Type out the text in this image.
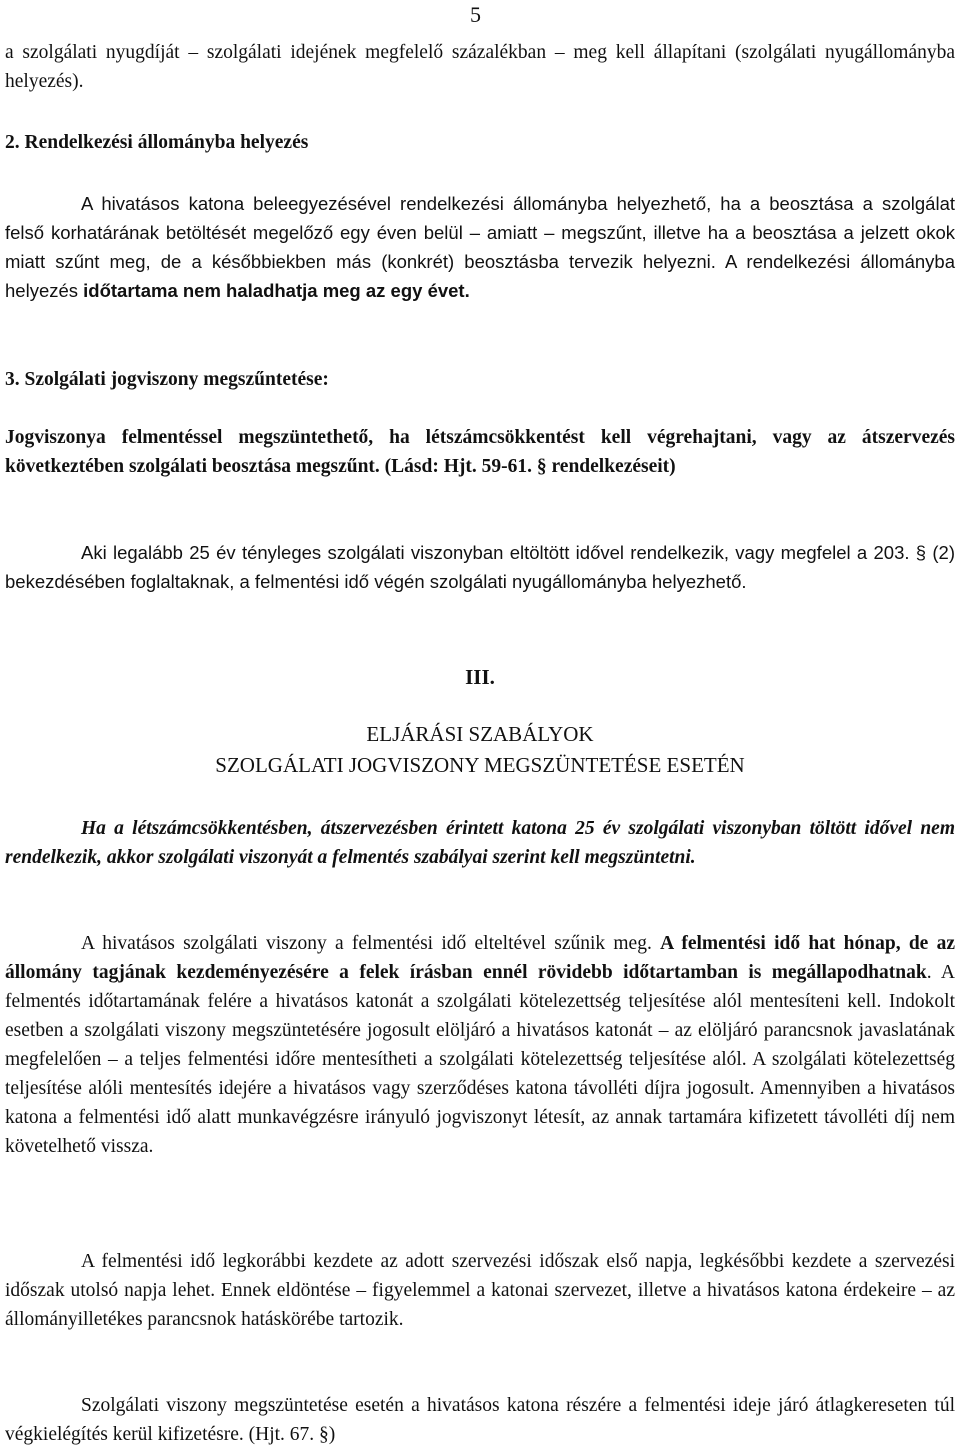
5

a szolgálati nyugdíját – szolgálati idejének megfelelő százalékban – meg kell állapítani (szolgálati nyugállományba helyezés).

2. Rendelkezési állományba helyezés

A hivatásos katona beleegyezésével rendelkezési állományba helyezhető, ha a beosztása a szolgálat felső korhatárának betöltését megelőző egy éven belül – amiatt – megszűnt, illetve ha a beosztása a jelzett okok miatt szűnt meg, de a későbbiekben más (konkrét) beosztásba tervezik helyezni. A rendelkezési állományba helyezés időtartama nem haladhatja meg az egy évet.

3. Szolgálati jogviszony megszűntetése:

Jogviszonya felmentéssel megszüntethető, ha létszámcsökkentést kell végrehajtani, vagy az átszervezés következtében szolgálati beosztása megszűnt. (Lásd: Hjt. 59-61. § rendelkezéseit)

Aki legalább 25 év tényleges szolgálati viszonyban eltöltött idővel rendelkezik, vagy megfelel a 203. § (2) bekezdésében foglaltaknak, a felmentési idő végén szolgálati nyugállományba helyezhető.

III.

ELJÁRÁSI SZABÁLYOK

SZOLGÁLATI JOGVISZONY MEGSZÜNTETÉSE ESETÉN

Ha a létszámcsökkentésben, átszervezésben érintett katona 25 év szolgálati viszonyban töltött idővel nem rendelkezik, akkor szolgálati viszonyát a felmentés szabályai szerint kell megszüntetni.

A hivatásos szolgálati viszony a felmentési idő elteltével szűnik meg. A felmentési idő hat hónap, de az állomány tagjának kezdeményezésére a felek írásban ennél rövidebb időtartamban is megállapodhatnak. A felmentés időtartamának felére a hivatásos katonát a szolgálati kötelezettség teljesítése alól mentesíteni kell. Indokolt esetben a szolgálati viszony megszüntetésére jogosult elöljáró a hivatásos katonát – az elöljáró parancsnok javaslatának megfelelően – a teljes felmentési időre mentesítheti a szolgálati kötelezettség teljesítése alól. A szolgálati kötelezettség teljesítése alóli mentesítés idejére a hivatásos vagy szerződéses katona távolléti díjra jogosult. Amennyiben a hivatásos katona a felmentési idő alatt munkavégzésre irányuló jogviszonyt létesít, az annak tartamára kifizetett távolléti díj nem követelhető vissza.

A felmentési idő legkorábbi kezdete az adott szervezési időszak első napja, legkésőbbi kezdete a szervezési időszak utolsó napja lehet. Ennek eldöntése – figyelemmel a katonai szervezet, illetve a hivatásos katona érdekeire – az állományilletékes parancsnok hatáskörébe tartozik.

Szolgálati viszony megszüntetése esetén a hivatásos katona részére a felmentési ideje járó átlagkereseten túl végkielégítés kerül kifizetésre. (Hjt. 67. §)
